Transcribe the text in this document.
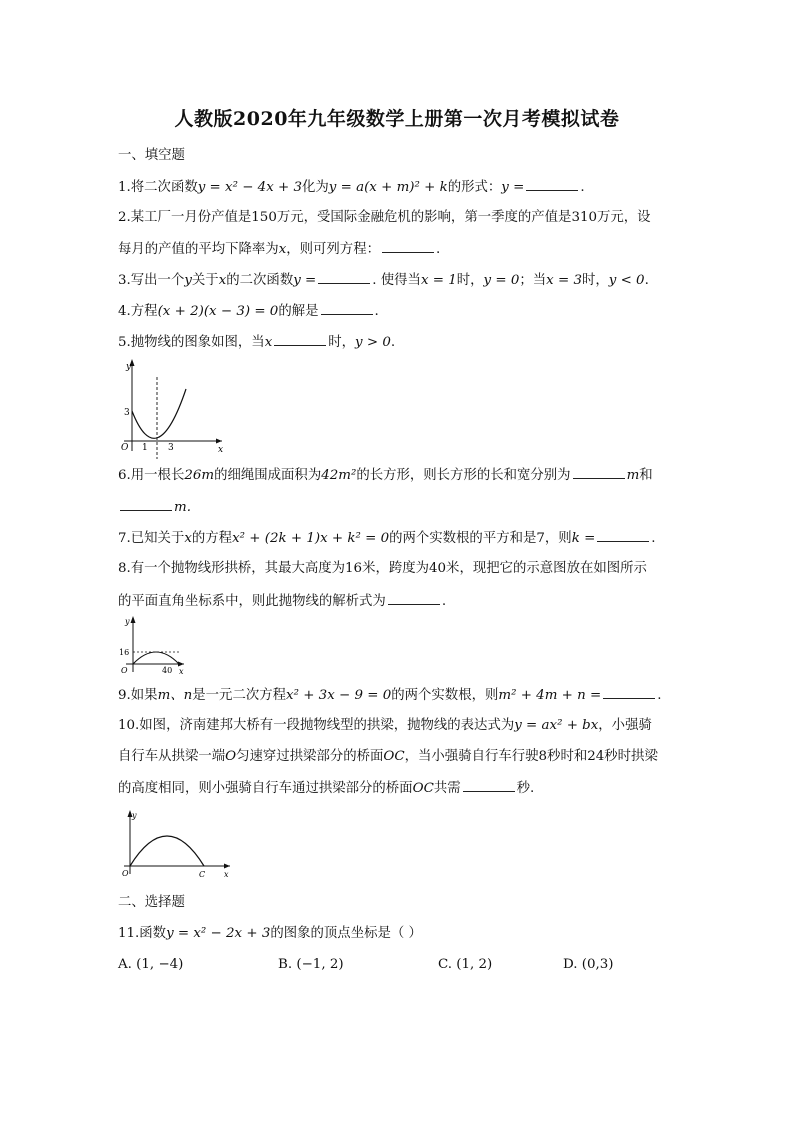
人教版2020年九年级数学上册第一次月考模拟试卷
一、填空题
1.将二次函数y = x² − 4x + 3化为y = a(x + m)² + k的形式：y =	.
2.某工厂一月份产值是150万元，受国际金融危机的影响，第一季度的产值是310万元，设
每月的产值的平均下降率为x，则可列方程：	.
3.写出一个y关于x的二次函数y =	. 使得当x = 1时，y = 0；当x = 3时，y < 0.
4.方程(x + 2)(x − 3) = 0的解是	.
5.抛物线的图象如图，当x	时，y > 0.
y
x
O
3
1 3
6.用一根长26m的细绳围成面积为42m²的长方形，则长方形的长和宽分别为	m和
m.
7.已知关于x的方程x² + (2k + 1)x + k² = 0的两个实数根的平方和是7，则k =	.
8.有一个抛物线形拱桥，其最大高度为16米，跨度为40米，现把它的示意图放在如图所示
的平面直角坐标系中，则此抛物线的解析式为	.
y
x
O
16
40
9.如果m、n是一元二次方程x² + 3x − 9 = 0的两个实数根，则m² + 4m + n =	.
10.如图，济南建邦大桥有一段抛物线型的拱梁，抛物线的表达式为y = ax² + bx，小强骑
自行车从拱梁一端O匀速穿过拱梁部分的桥面OC，当小强骑自行车行驶8秒时和24秒时拱梁
的高度相同，则小强骑自行车通过拱梁部分的桥面OC共需	秒.
y
x
O	C
二、选择题
11.函数y = x² − 2x + 3的图象的顶点坐标是（ ）
A. (1, −4)	B. (−1, 2)	C. (1, 2)	D. (0,3)
